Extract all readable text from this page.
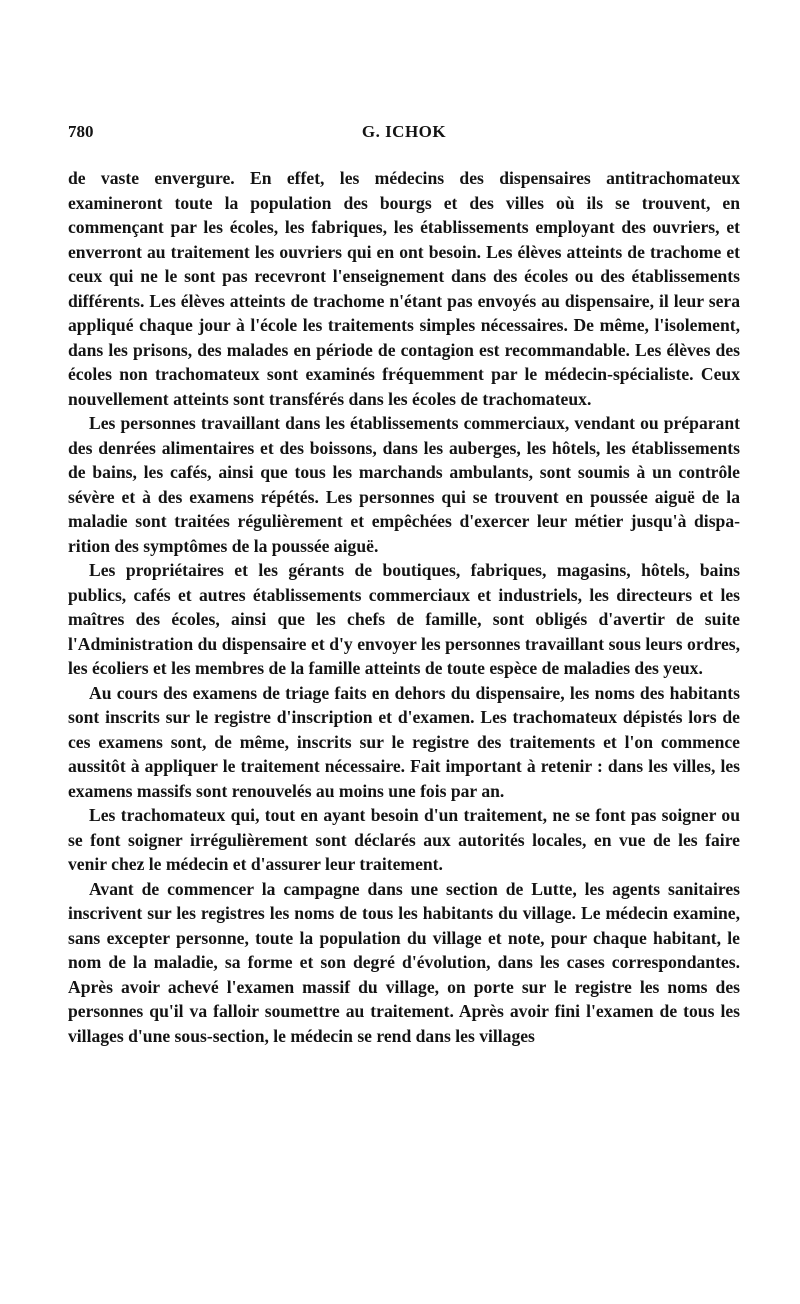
780	G. ICHOK

de vaste envergure. En effet, les médecins des dispensaires antitrachomateux examineront toute la population des bourgs et des villes où ils se trouvent, en commençant par les écoles, les fabriques, les établissements employant des ouvriers, et enverront au traitement les ouvriers qui en ont besoin. Les élèves atteints de trachome et ceux qui ne le sont pas recevront l'enseignement dans des écoles ou des établissements différents. Les élèves atteints de trachome n'étant pas envoyés au dispensaire, il leur sera appliqué chaque jour à l'école les traitements simples nécessaires. De même, l'isolement, dans les prisons, des malades en période de contagion est recommandable. Les élèves des écoles non trachomateux sont examinés fréquemment par le médecin-spécialiste. Ceux nouvellement atteints sont transférés dans les écoles de trachomateux.

Les personnes travaillant dans les établissements commerciaux, vendant ou préparant des denrées alimentaires et des boissons, dans les auberges, les hôtels, les établissements de bains, les cafés, ainsi que tous les marchands ambulants, sont soumis à un contrôle sévère et à des examens répétés. Les personnes qui se trouvent en poussée aiguë de la maladie sont traitées régulièrement et empêchées d'exercer leur métier jusqu'à disparition des symptômes de la poussée aiguë.

Les propriétaires et les gérants de boutiques, fabriques, magasins, hôtels, bains publics, cafés et autres établissements commerciaux et industriels, les directeurs et les maîtres des écoles, ainsi que les chefs de famille, sont obligés d'avertir de suite l'Administration du dispensaire et d'y envoyer les personnes travaillant sous leurs ordres, les écoliers et les membres de la famille atteints de toute espèce de maladies des yeux.

Au cours des examens de triage faits en dehors du dispensaire, les noms des habitants sont inscrits sur le registre d'inscription et d'examen. Les trachomateux dépistés lors de ces examens sont, de même, inscrits sur le registre des traitements et l'on commence aussitôt à appliquer le traitement nécessaire. Fait important à retenir : dans les villes, les examens massifs sont renouvelés au moins une fois par an.

Les trachomateux qui, tout en ayant besoin d'un traitement, ne se font pas soigner ou se font soigner irrégulièrement sont déclarés aux autorités locales, en vue de les faire venir chez le médecin et d'assurer leur traitement.

Avant de commencer la campagne dans une section de Lutte, les agents sanitaires inscrivent sur les registres les noms de tous les habitants du village. Le médecin examine, sans excepter personne, toute la population du village et note, pour chaque habitant, le nom de la maladie, sa forme et son degré d'évolution, dans les cases correspondantes. Après avoir achevé l'examen massif du village, on porte sur le registre les noms des personnes qu'il va falloir soumettre au traitement. Après avoir fini l'examen de tous les villages d'une sous-section, le médecin se rend dans les villages
